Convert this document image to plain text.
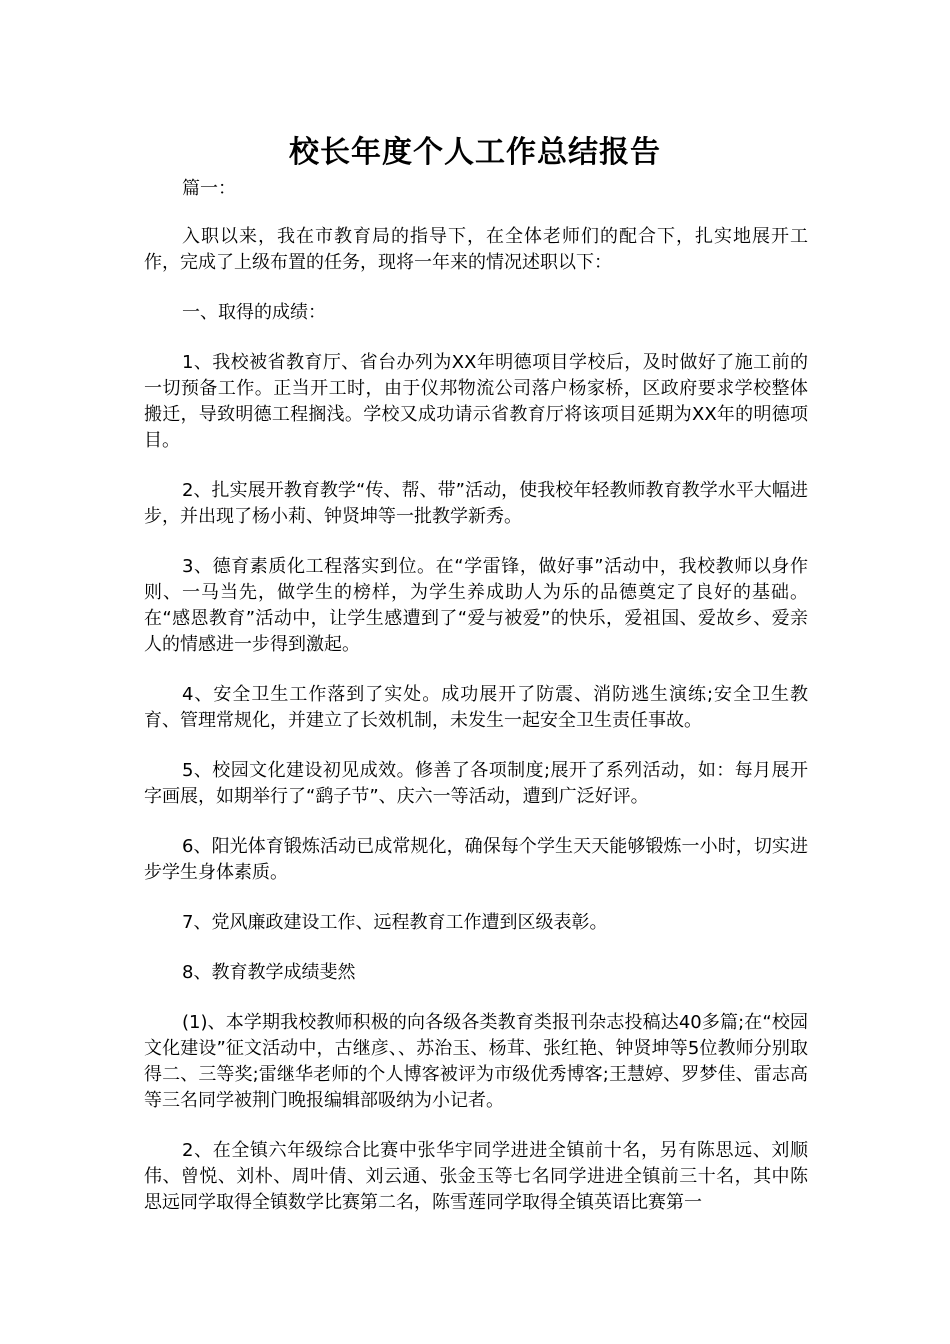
校长年度个人工作总结报告

篇一：

入职以来，我在市教育局的指导下，在全体老师们的配合下，扎实地展开工作，完成了上级布置的任务，现将一年来的情况述职以下：

一、取得的成绩：

1、我校被省教育厅、省台办列为XX年明德项目学校后，及时做好了施工前的一切预备工作。正当开工时，由于仪邦物流公司落户杨家桥，区政府要求学校整体搬迁，导致明德工程搁浅。学校又成功请示省教育厅将该项目延期为XX年的明德项目。

2、扎实展开教育教学“传、帮、带”活动，使我校年轻教师教育教学水平大幅进步，并出现了杨小莉、钟贤坤等一批教学新秀。

3、德育素质化工程落实到位。在“学雷锋，做好事”活动中，我校教师以身作则、一马当先，做学生的榜样，为学生养成助人为乐的品德奠定了良好的基础。在“感恩教育”活动中，让学生感遭到了“爱与被爱”的快乐，爱祖国、爱故乡、爱亲人的情感进一步得到激起。

4、安全卫生工作落到了实处。成功展开了防震、消防逃生演练;安全卫生教育、管理常规化，并建立了长效机制，未发生一起安全卫生责任事故。

5、校园文化建设初见成效。修善了各项制度;展开了系列活动，如：每月展开字画展，如期举行了“鹞子节”、庆六一等活动，遭到广泛好评。

6、阳光体育锻炼活动已成常规化，确保每个学生天天能够锻炼一小时，切实进步学生身体素质。

7、党风廉政建设工作、远程教育工作遭到区级表彰。

8、教育教学成绩斐然

(1)、本学期我校教师积极的向各级各类教育类报刊杂志投稿达40多篇;在“校园文化建设”征文活动中，古继彦、、苏治玉、杨茸、张红艳、钟贤坤等5位教师分别取得二、三等奖;雷继华老师的个人博客被评为市级优秀博客;王慧婷、罗梦佳、雷志高等三名同学被荆门晚报编辑部吸纳为小记者。

2、在全镇六年级综合比赛中张华宇同学进进全镇前十名，另有陈思远、刘顺伟、曾悦、刘朴、周叶倩、刘云通、张金玉等七名同学进进全镇前三十名，其中陈思远同学取得全镇数学比赛第二名，陈雪莲同学取得全镇英语比赛第一
